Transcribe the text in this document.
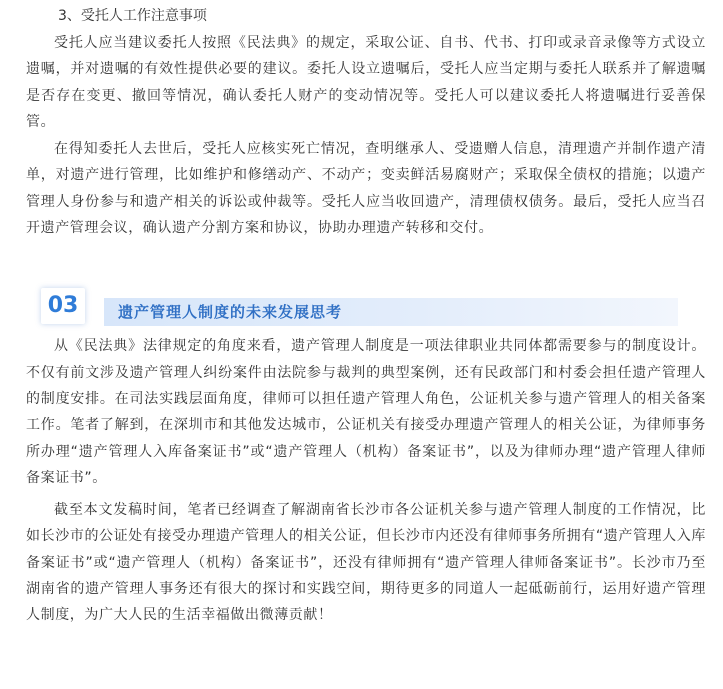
3、受托人工作注意事项

受托人应当建议委托人按照《民法典》的规定，采取公证、自书、代书、打印或录音录像等方式设立遗嘱，并对遗嘱的有效性提供必要的建议。委托人设立遗嘱后，受托人应当定期与委托人联系并了解遗嘱是否存在变更、撤回等情况，确认委托人财产的变动情况等。受托人可以建议委托人将遗嘱进行妥善保管。

在得知委托人去世后，受托人应核实死亡情况，查明继承人、受遗赠人信息，清理遗产并制作遗产清单，对遗产进行管理，比如维护和修缮动产、不动产；变卖鲜活易腐财产；采取保全债权的措施；以遗产管理人身份参与和遗产相关的诉讼或仲裁等。受托人应当收回遗产，清理债权债务。最后，受托人应当召开遗产管理会议，确认遗产分割方案和协议，协助办理遗产转移和交付。

03	遗产管理人制度的未来发展思考

从《民法典》法律规定的角度来看，遗产管理人制度是一项法律职业共同体都需要参与的制度设计。不仅有前文涉及遗产管理人纠纷案件由法院参与裁判的典型案例，还有民政部门和村委会担任遗产管理人的制度安排。在司法实践层面角度，律师可以担任遗产管理人角色，公证机关参与遗产管理人的相关备案工作。笔者了解到，在深圳市和其他发达城市，公证机关有接受办理遗产管理人的相关公证，为律师事务所办理“遗产管理人入库备案证书”或“遗产管理人（机构）备案证书”，以及为律师办理“遗产管理人律师备案证书”。

截至本文发稿时间，笔者已经调查了解湖南省长沙市各公证机关参与遗产管理人制度的工作情况，比如长沙市的公证处有接受办理遗产管理人的相关公证，但长沙市内还没有律师事务所拥有“遗产管理人入库备案证书”或“遗产管理人（机构）备案证书”，还没有律师拥有“遗产管理人律师备案证书”。长沙市乃至湖南省的遗产管理人事务还有很大的探讨和实践空间，期待更多的同道人一起砥砺前行，运用好遗产管理人制度，为广大人民的生活幸福做出微薄贡献！
